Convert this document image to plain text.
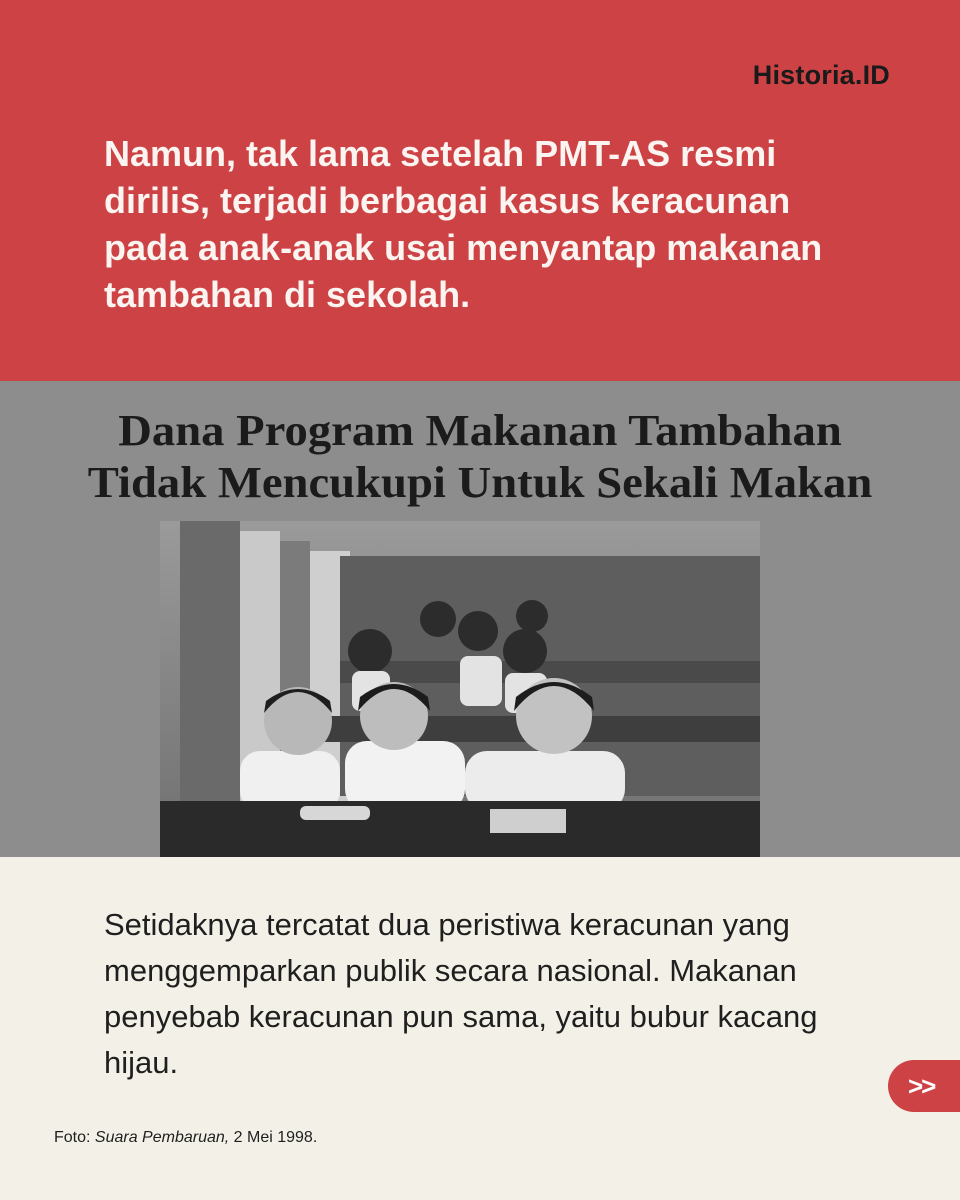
Historia.ID

Namun, tak lama setelah PMT-AS resmi dirilis, terjadi berbagai kasus keracunan pada anak-anak usai menyantap makanan tambahan di sekolah.

Dana Program Makanan Tambahan
Tidak Mencukupi Untuk Sekali Makan

Setidaknya tercatat dua peristiwa keracunan yang menggemparkan publik secara nasional. Makanan penyebab keracunan pun sama, yaitu bubur kacang hijau.

>>
Foto: Suara Pembaruan, 2 Mei 1998.
